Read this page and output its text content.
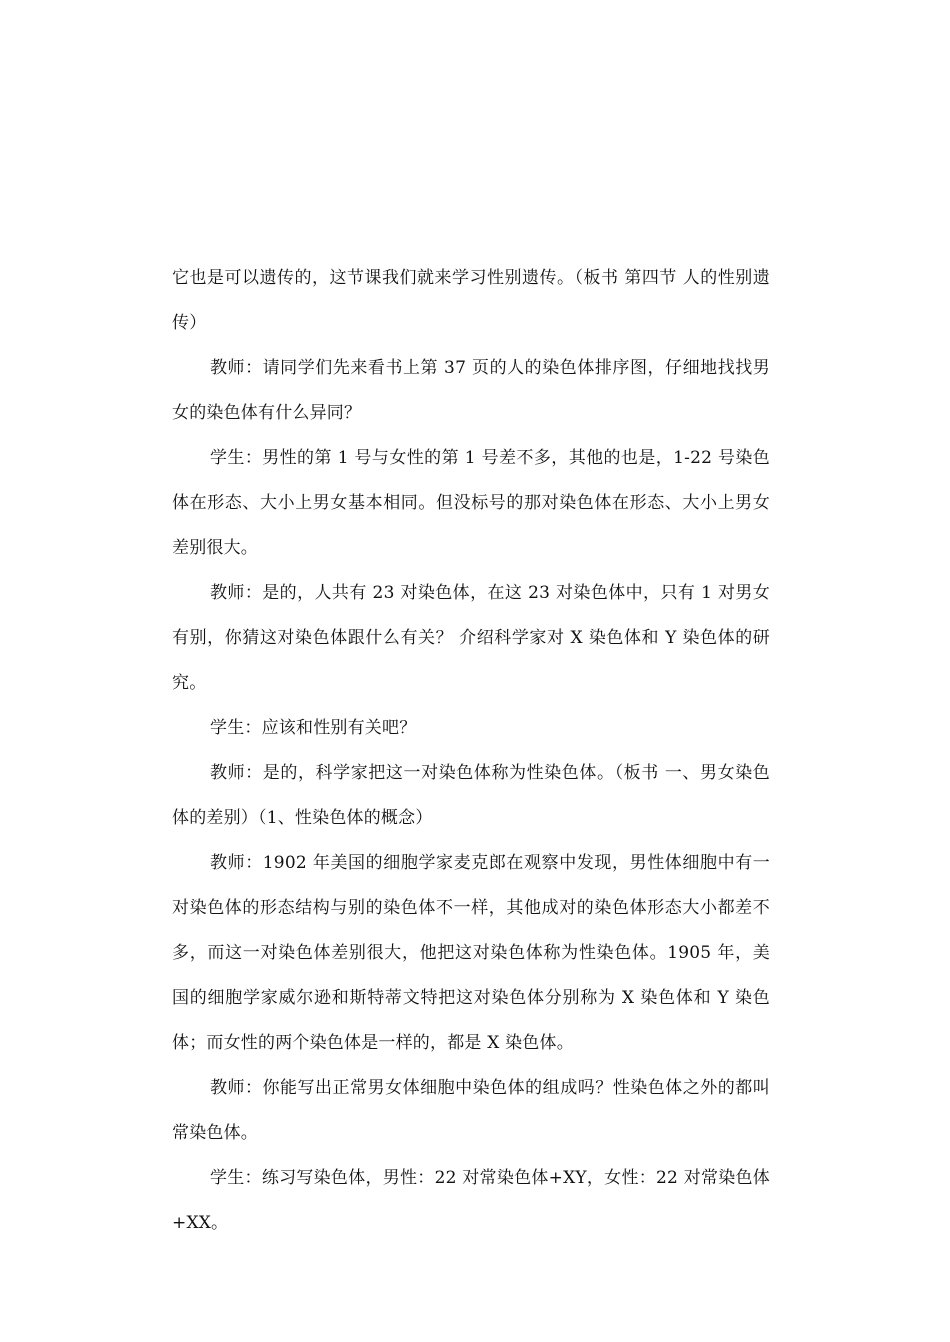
它也是可以遗传的，这节课我们就来学习性别遗传。（板书 第四节 人的性别遗传）

教师：请同学们先来看书上第 37 页的人的染色体排序图，仔细地找找男女的染色体有什么异同？

学生：男性的第 1 号与女性的第 1 号差不多，其他的也是，1-22 号染色体在形态、大小上男女基本相同。但没标号的那对染色体在形态、大小上男女差别很大。

教师：是的，人共有 23 对染色体，在这 23 对染色体中，只有 1 对男女有别，你猜这对染色体跟什么有关？ 介绍科学家对 X 染色体和 Y 染色体的研究。

学生：应该和性别有关吧？

教师：是的，科学家把这一对染色体称为性染色体。（板书 一、男女染色体的差别）（1、性染色体的概念）

教师：1902 年美国的细胞学家麦克郎在观察中发现，男性体细胞中有一对染色体的形态结构与别的染色体不一样，其他成对的染色体形态大小都差不多，而这一对染色体差别很大，他把这对染色体称为性染色体。1905 年，美国的细胞学家威尔逊和斯特蒂文特把这对染色体分别称为 X 染色体和 Y 染色体；而女性的两个染色体是一样的，都是 X 染色体。

教师：你能写出正常男女体细胞中染色体的组成吗？性染色体之外的都叫常染色体。

学生：练习写染色体，男性：22 对常染色体+XY，女性：22 对常染色体+XX。
